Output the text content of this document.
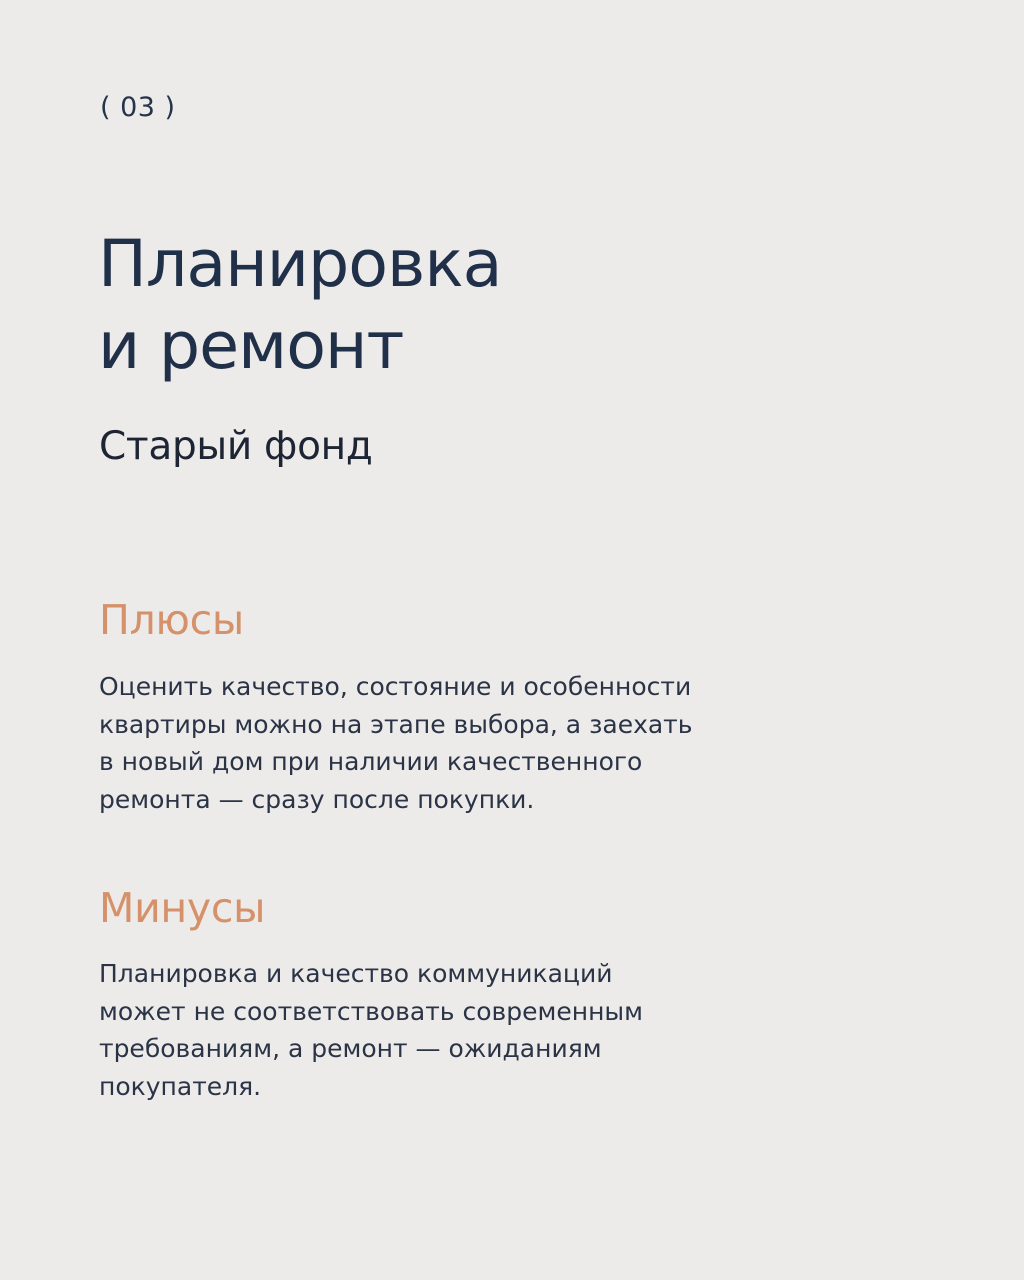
( 03 )
Планировка
и ремонт
Старый фонд
Плюсы

Оценить качество, состояние и особенности
квартиры можно на этапе выбора, а заехать
в новый дом при наличии качественного
ремонта — сразу после покупки.

Минусы

Планировка и качество коммуникаций
может не соответствовать современным
требованиям, а ремонт — ожиданиям
покупателя.
